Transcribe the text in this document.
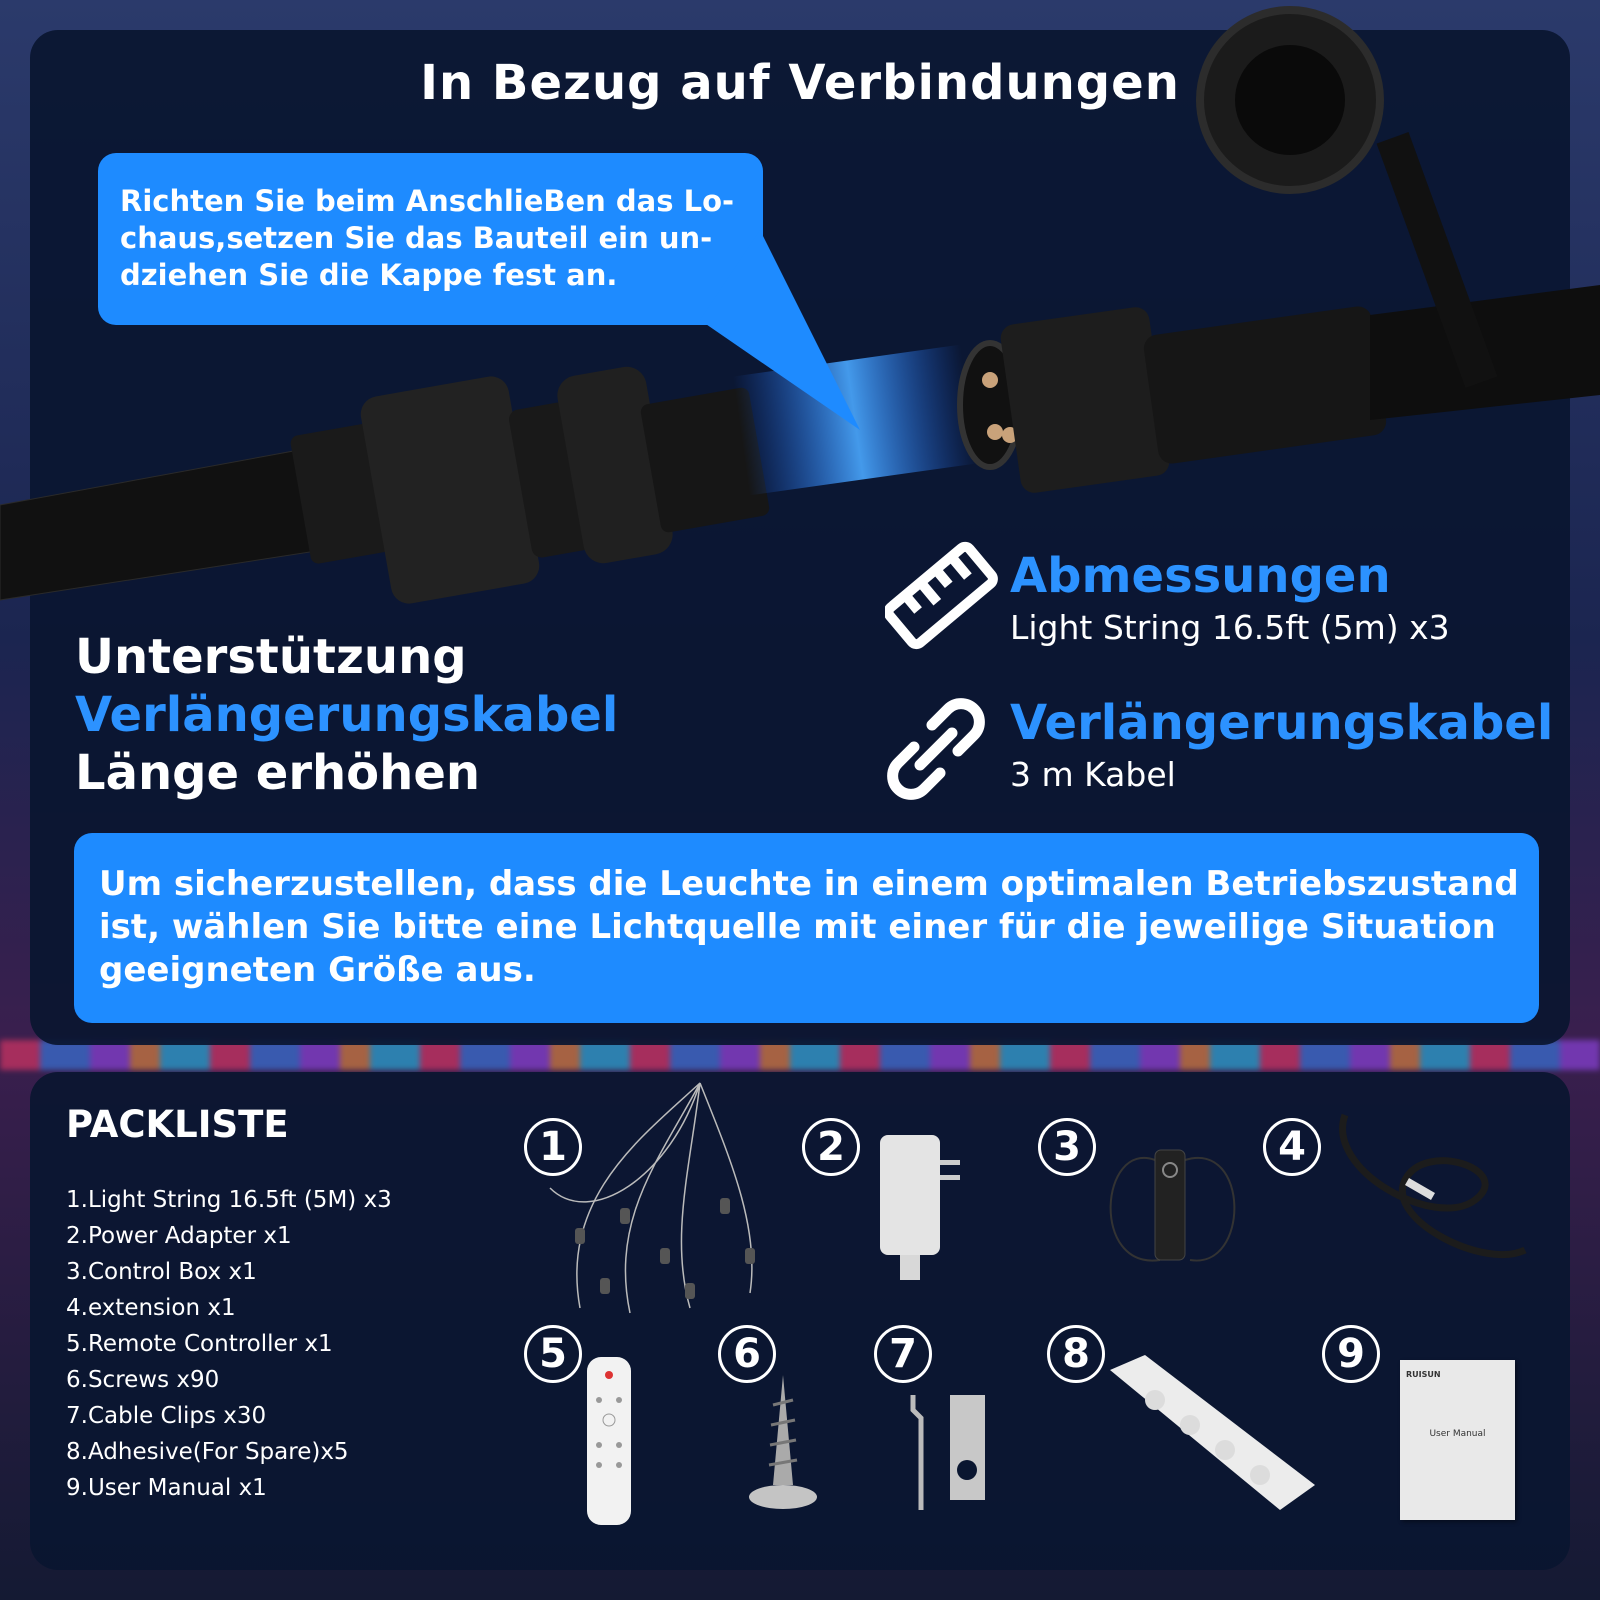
In Bezug auf Verbindungen
Richten Sie beim AnschlieBen das Lo-
chaus,setzen Sie das Bauteil ein un-
dziehen Sie die Kappe fest an.
Unterstützung
Verlängerungskabel
Länge erhöhen
Abmessungen
Light String 16.5ft (5m) x3
Verlängerungskabel
3 m Kabel
Um sicherzustellen, dass die Leuchte in einem optimalen Betriebszustand ist, wählen Sie bitte eine Lichtquelle mit einer für die jeweilige Situation geeigneten Größe aus.
PACKLISTE
1.Light String 16.5ft (5M) x3
2.Power Adapter x1
3.Control Box x1
4.extension x1
5.Remote Controller x1
6.Screws x90
7.Cable Clips x30
8.Adhesive(For Spare)x5
9.User Manual x1
1	2	3	4
5	6	7	8	9	RUISUN
User Manual
